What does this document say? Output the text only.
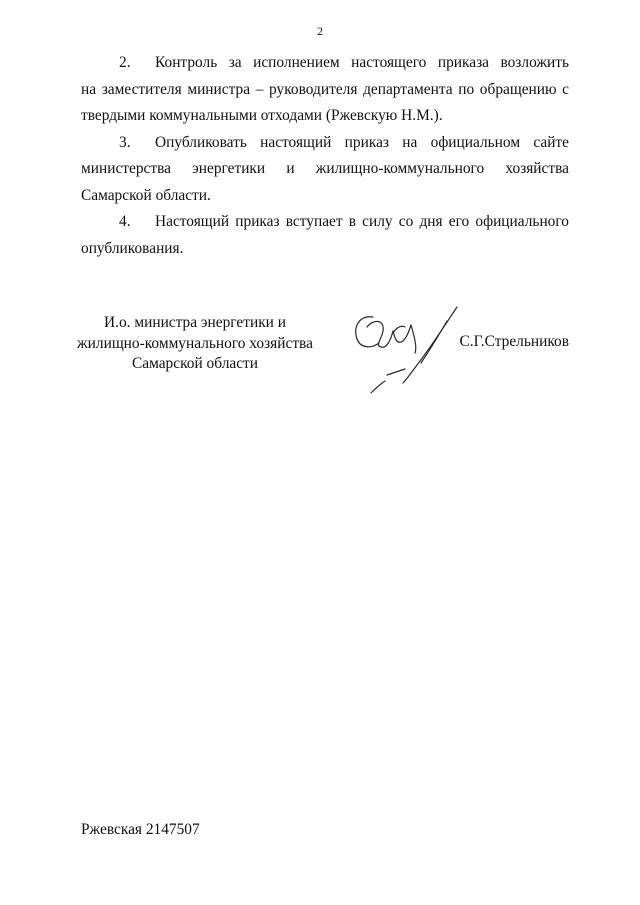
2
2.	Контроль за исполнением настоящего приказа возложить
на заместителя министра – руководителя департамента по обращению с твердыми коммунальными отходами (Ржевскую Н.М.).
3.	Опубликовать настоящий приказ на официальном сайте
министерства энергетики и жилищно-коммунального хозяйства Самарской области.
4.	Настоящий приказ вступает в силу со дня его официального
опубликования.
И.о. министра энергетики и
жилищно-коммунального хозяйства
Самарской области
С.Г.Стрельников
Ржевская 2147507
